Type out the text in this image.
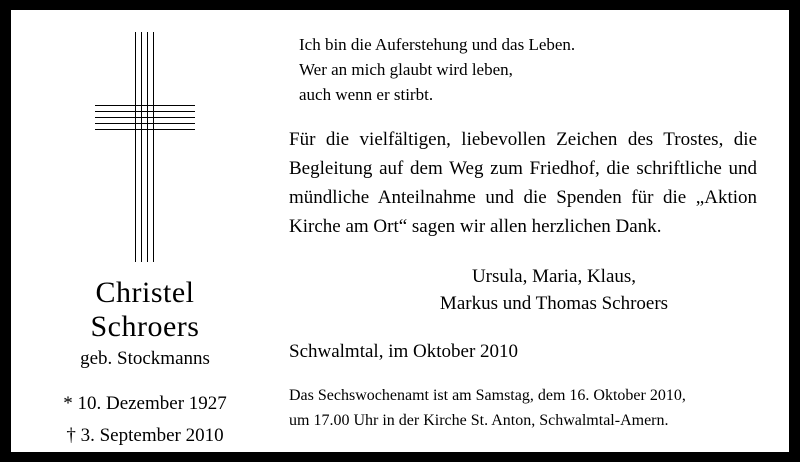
Christel
Schroers
geb. Stockmanns
* 10. Dezember 1927
† 3. September 2010
Ich bin die Auferstehung und das Leben.
Wer an mich glaubt wird leben,
auch wenn er stirbt.
Für die vielfältigen, liebevollen Zeichen des Trostes, die Begleitung auf dem Weg zum Friedhof, die schriftliche und mündliche Anteilnahme und die Spenden für die „Aktion Kirche am Ort“ sagen wir allen herzlichen Dank.
Ursula, Maria, Klaus,
Markus und Thomas Schroers
Schwalmtal, im Oktober 2010
Das Sechswochenamt ist am Samstag, dem 16. Oktober 2010,
um 17.00 Uhr in der Kirche St. Anton, Schwalmtal-Amern.
